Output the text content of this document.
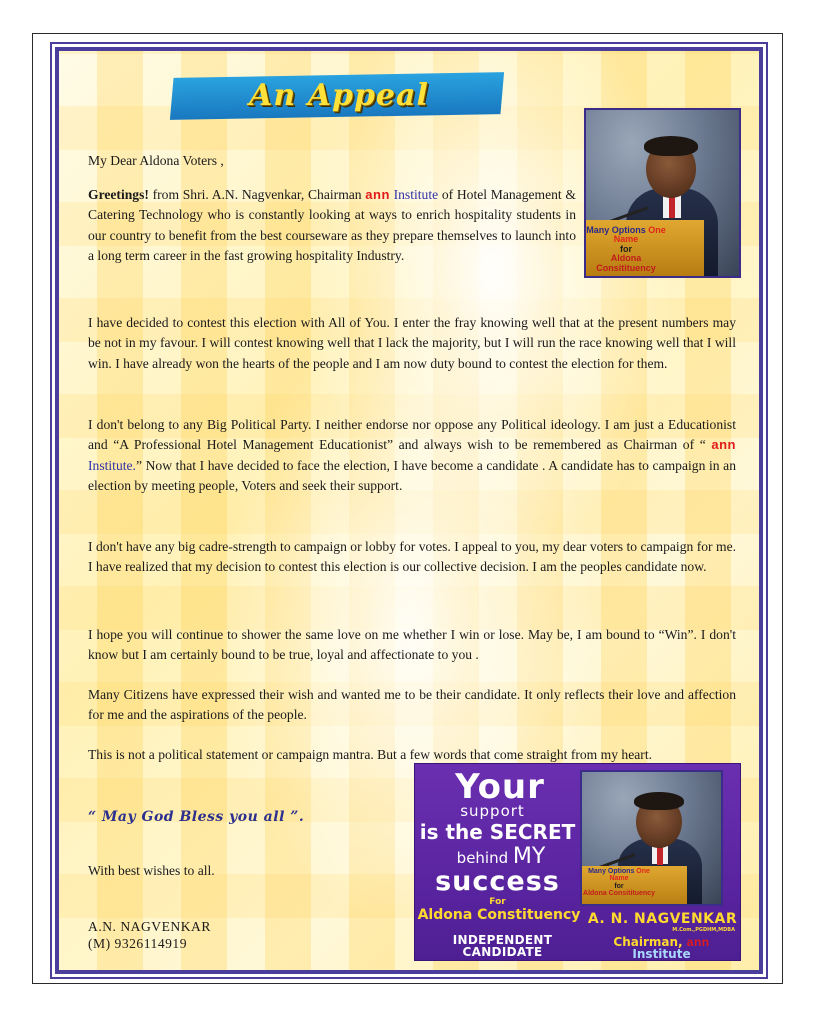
An Appeal
Many Options One Name
for
Aldona Consitituency
My Dear Aldona Voters ,

Greetings! from Shri. A.N. Nagvenkar, Chairman ann Institute of Hotel Management & Catering Technology who is constantly looking at ways to enrich hospitality students in our country to benefit from the best courseware as they prepare themselves to launch into a long term career in the fast growing hospitality Industry.

I have decided to contest this election with All of You. I enter the fray knowing well that at the present numbers may be not in my favour. I will contest knowing well that I lack the majority, but I will run the race knowing well that I will win. I have already won the hearts of the people and I am now duty bound to contest the election for them.

I don't belong to any Big Political Party. I neither endorse nor oppose any Political ideology. I am just a Educationist and “A Professional Hotel Management Educationist” and always wish to be remembered as Chairman of “ ann Institute.” Now that I have decided to face the election, I have become a candidate . A candidate has to campaign in an election by meeting people, Voters and seek their support.

I don't have any big cadre-strength to campaign or lobby for votes. I appeal to you, my dear voters to campaign for me. I have realized that my decision to contest this election is our collective decision. I am the peoples candidate now.

I hope you will continue to shower the same love on me whether I win or lose. May be, I am bound to “Win”. I don't know but I am certainly bound to be true, loyal and affectionate to you .

Many Citizens have expressed their wish and wanted me to be their candidate. It only reflects their love and affection for me and the aspirations of the people.

This is not a political statement or campaign mantra. But a few words that come straight from my heart.

“ May God Bless you all ”.
With best wishes to all.
A.N. NAGVENKAR
(M) 9326114919
Your
support
is the SECRET
behind MY
success
For
Aldona Constituency
INDEPENDENT CANDIDATE
Many Options One Name
for
Aldona Consitituency
A. N. NAGVENKAR
M.Com.,PGDHM,MDBA
Chairman, ann Institute
